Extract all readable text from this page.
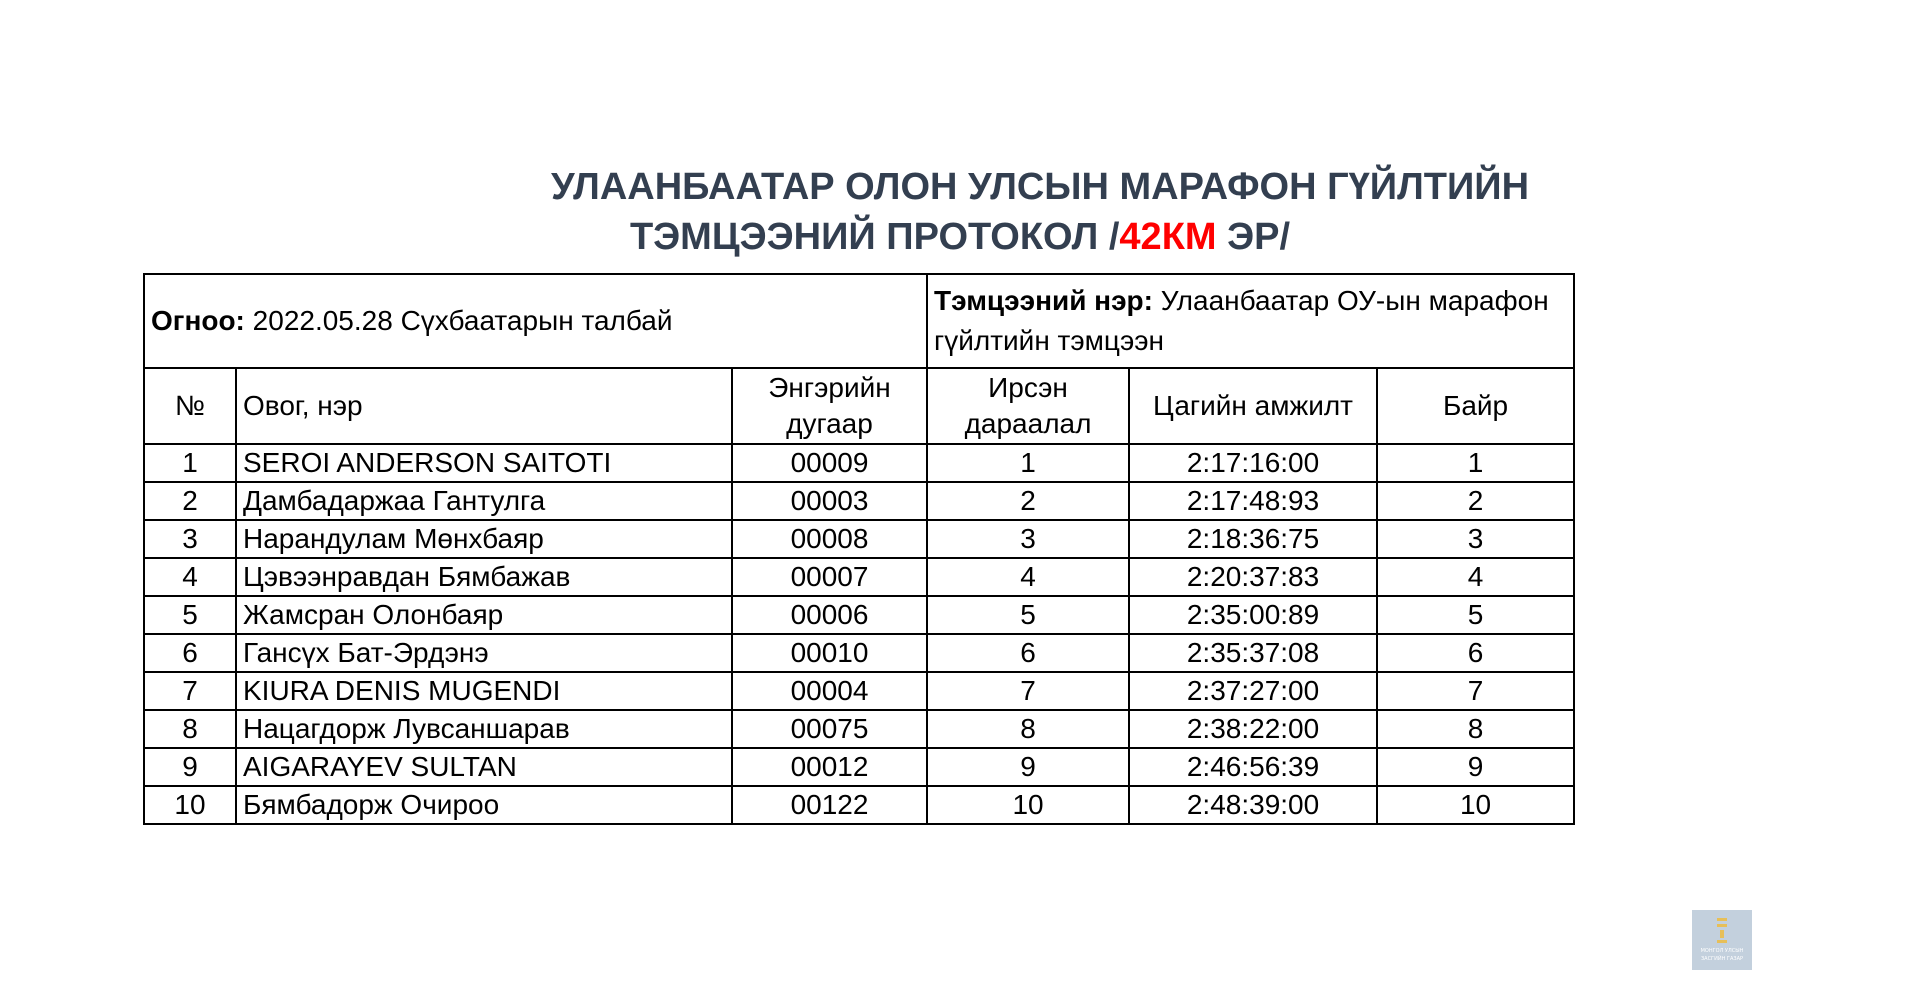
УЛААНБААТАР ОЛОН УЛСЫН МАРАФОН ГҮЙЛТИЙН
ТЭМЦЭЭНИЙ ПРОТОКОЛ /42КМ ЭР/
Огноо: 2022.05.28 Сүхбаатарын талбай			Тэмцээний нэр: Улаанбаатар ОУ-ын марафон гүйлтийн тэмцээн		
№	Овог, нэр	Энгэрийн дугаар	Ирсэн дараалал	Цагийн амжилт	Байр
1	SEROI ANDERSON SAITOTI	00009	1	2:17:16:00	1
2	Дамбадаржаа Гантулга	00003	2	2:17:48:93	2
3	Нарандулам Мөнхбаяр	00008	3	2:18:36:75	3
4	Цэвээнравдан Бямбажав	00007	4	2:20:37:83	4
5	Жамсран Олонбаяр	00006	5	2:35:00:89	5
6	Гансүх Бат-Эрдэнэ	00010	6	2:35:37:08	6
7	KIURA DENIS MUGENDI	00004	7	2:37:27:00	7
8	Нацагдорж Лувсаншарав	00075	8	2:38:22:00	8
9	AIGARAYEV SULTAN	00012	9	2:46:56:39	9
10	Бямбадорж Очироо	00122	10	2:48:39:00	10
МОНГОЛ УЛСЫН
ЗАСГИЙН ГАЗАР
